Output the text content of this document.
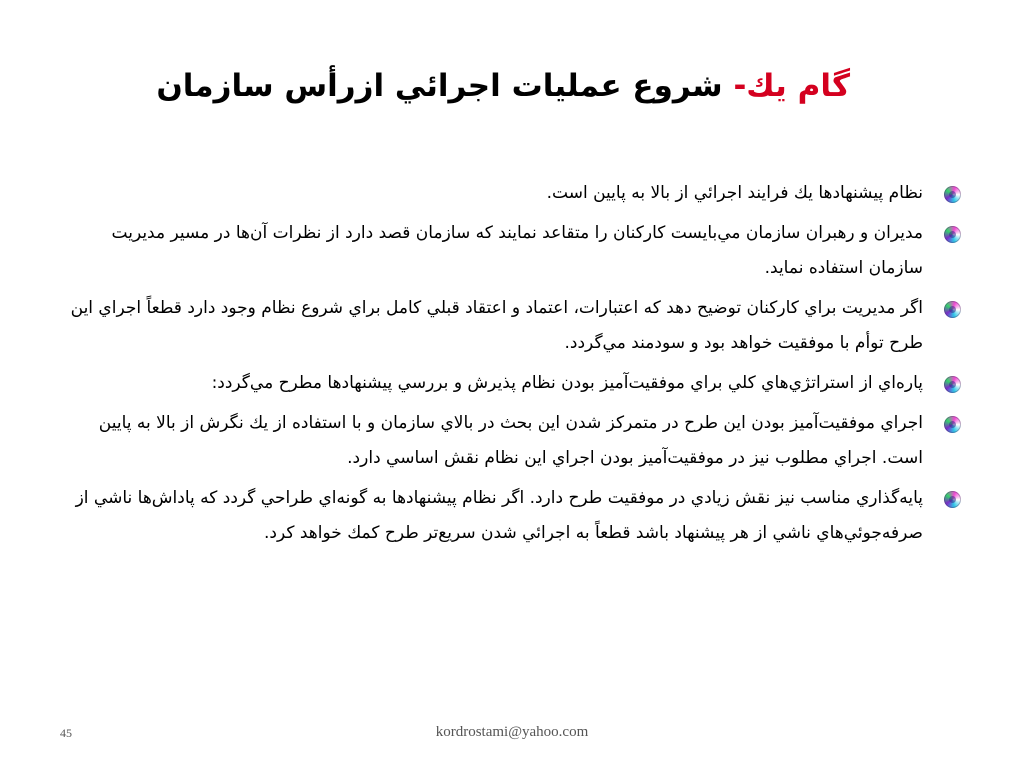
گام يك- شروع عمليات اجرائي ازرأس سازمان
نظام پيشنهادها يك فرايند اجرائي از بالا به پايين است.
مديران و رهبران سازمان مي‌بايست كاركنان را متقاعد نمايند كه سازمان قصد دارد از نظرات آن‌ها در مسير مديريت سازمان استفاده نمايد.
اگر مديريت براي كاركنان توضيح دهد كه اعتبارات، اعتماد و اعتقاد قبلي كامل براي شروع نظام وجود دارد قطعاً اجراي اين طرح توأم با موفقيت خواهد بود و سودمند مي‌گردد.
پاره‌اي از استراتژي‌هاي كلي براي موفقيت‌آميز بودن نظام پذيرش و بررسي پيشنهادها مطرح مي‌گردد:
اجراي موفقيت‌آميز بودن اين طرح در متمركز شدن اين بحث در بالاي سازمان و با استفاده از يك نگرش از بالا به پايين است. اجراي مطلوب نيز در موفقيت‌آميز بودن اجراي اين نظام نقش اساسي دارد.
پايه‌گذاري مناسب نيز نقش زيادي در موفقيت طرح دارد. اگر نظام پيشنهادها به گونه‌اي طراحي گردد كه پاداش‌ها ناشي از صرفه‌جوئي‌هاي ناشي از هر پيشنهاد باشد قطعاً به اجرائي شدن سريع‌تر طرح كمك خواهد كرد.
45	kordrostami@yahoo.com
